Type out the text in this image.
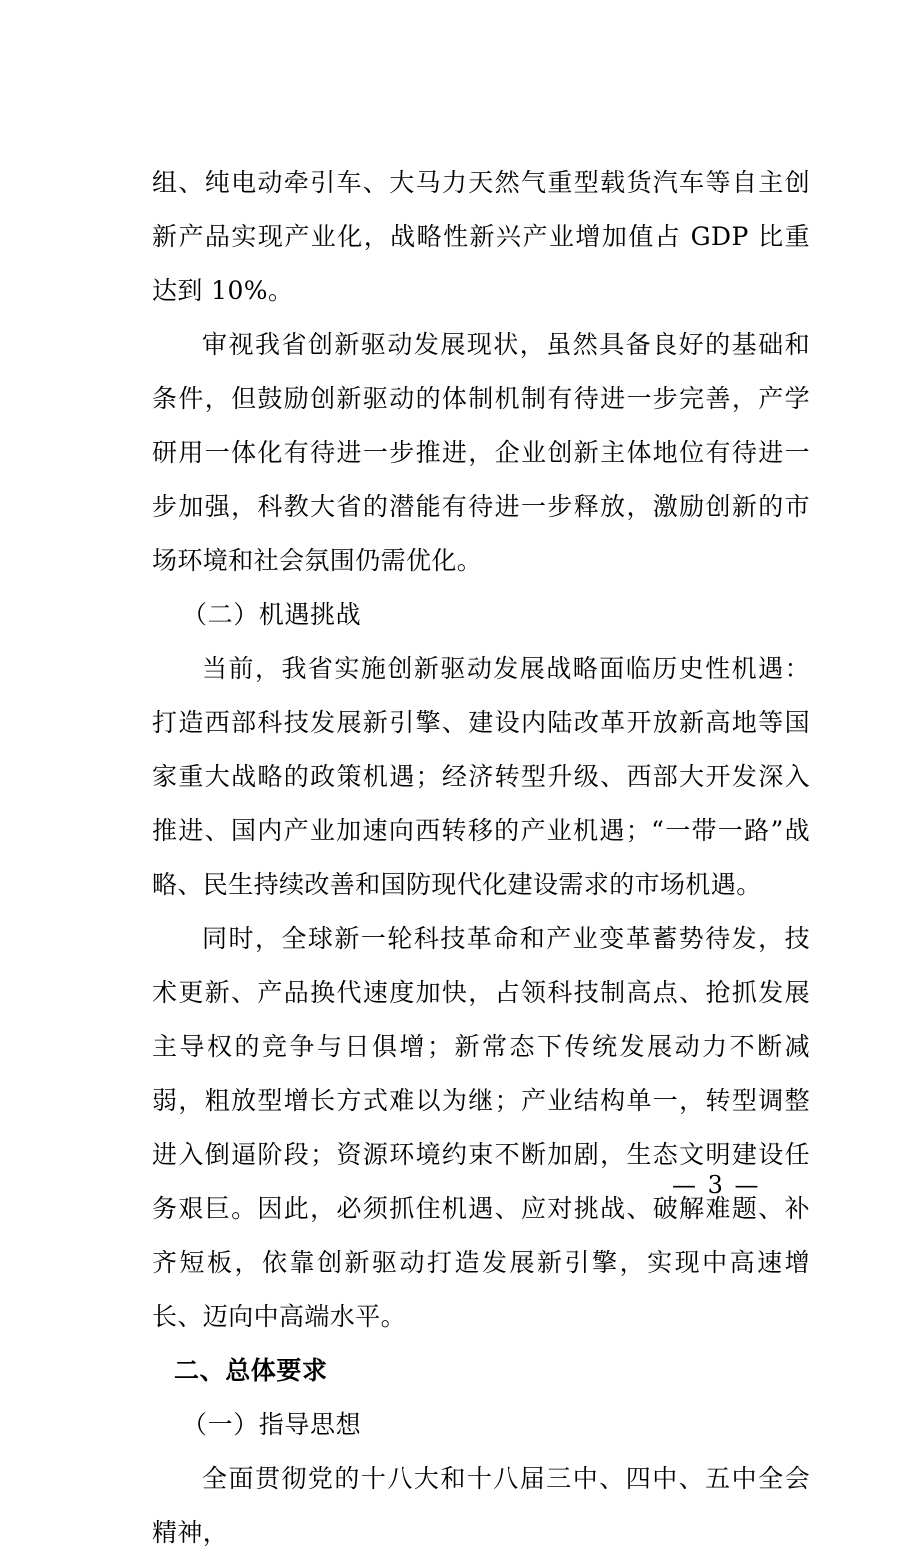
组、纯电动牵引车、大马力天然气重型载货汽车等自主创新产品实现产业化，战略性新兴产业增加值占 GDP 比重达到 10%。

审视我省创新驱动发展现状，虽然具备良好的基础和条件，但鼓励创新驱动的体制机制有待进一步完善，产学研用一体化有待进一步推进，企业创新主体地位有待进一步加强，科教大省的潜能有待进一步释放，激励创新的市场环境和社会氛围仍需优化。

（二）机遇挑战

当前，我省实施创新驱动发展战略面临历史性机遇：打造西部科技发展新引擎、建设内陆改革开放新高地等国家重大战略的政策机遇；经济转型升级、西部大开发深入推进、国内产业加速向西转移的产业机遇；“一带一路”战略、民生持续改善和国防现代化建设需求的市场机遇。

同时，全球新一轮科技革命和产业变革蓄势待发，技术更新、产品换代速度加快，占领科技制高点、抢抓发展主导权的竞争与日俱增；新常态下传统发展动力不断减弱，粗放型增长方式难以为继；产业结构单一，转型调整进入倒逼阶段；资源环境约束不断加剧，生态文明建设任务艰巨。因此，必须抓住机遇、应对挑战、破解难题、补齐短板，依靠创新驱动打造发展新引擎，实现中高速增长、迈向中高端水平。

二、总体要求

（一）指导思想

全面贯彻党的十八大和十八届三中、四中、五中全会精神，

— 3 —
